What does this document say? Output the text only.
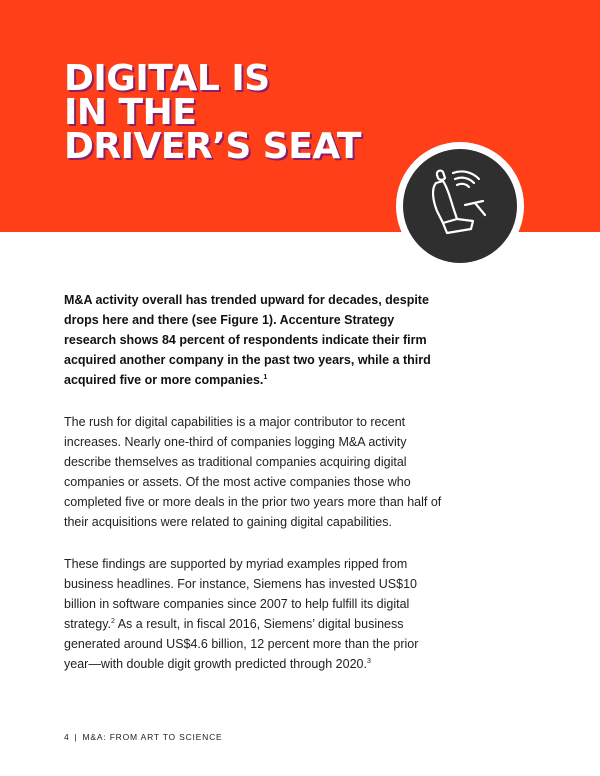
DIGITAL IS
IN THE
DRIVER’S SEAT

M&A activity overall has trended upward for decades, despite drops here and there (see Figure 1). Accenture Strategy research shows 84 percent of respondents indicate their firm acquired another company in the past two years, while a third acquired five or more companies.$^1$

The rush for digital capabilities is a major contributor to recent increases. Nearly one-third of companies logging M&A activity describe themselves as traditional companies acquiring digital companies or assets. Of the most active companies those who completed five or more deals in the prior two years more than half of their acquisitions were related to gaining digital capabilities.

These findings are supported by myriad examples ripped from business headlines. For instance, Siemens has invested US$10 billion in software companies since 2007 to help fulfill its digital strategy.$^2$ As a result, in fiscal 2016, Siemens’ digital business generated around US$4.6 billion, 12 percent more than the prior year—with double digit growth predicted through 2020.$^3$

4 | M&A: FROM ART TO SCIENCE
